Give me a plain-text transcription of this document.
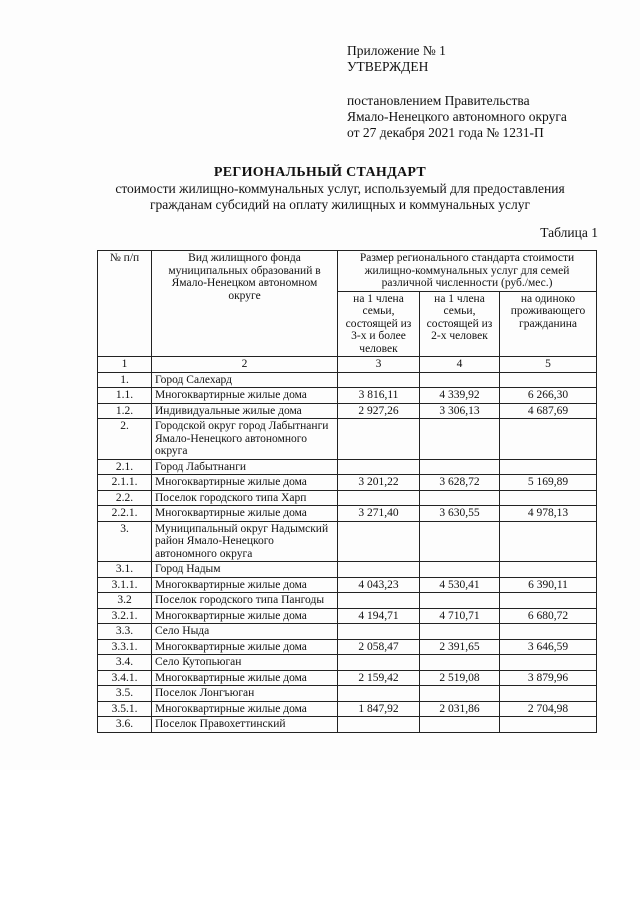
Приложение № 1
УТВЕРЖДЕН
постановлением Правительства
Ямало-Ненецкого автономного округа
от 27 декабря 2021 года № 1231-П
РЕГИОНАЛЬНЫЙ СТАНДАРТ
стоимости жилищно-коммунальных услуг, используемый для предоставления
гражданам субсидий на оплату жилищных и коммунальных услуг
Таблица 1
№ п/п	Вид жилищного фонда муниципальных образований в Ямало-Ненецком автономном округе	Размер регионального стандарта стоимости жилищно-коммунальных услуг для семей различной численности (руб./мес.)		
		на 1 члена семьи, состоящей из 3-х и более человек	на 1 члена семьи, состоящей из 2-х человек	на одиноко проживающего гражданина
1	2	3	4	5
1.	Город Салехард			
1.1.	Многоквартирные жилые дома	3 816,11	4 339,92	6 266,30
1.2.	Индивидуальные жилые дома	2 927,26	3 306,13	4 687,69
2.	Городской округ город Лабытнанги Ямало-Ненецкого автономного округа			
2.1.	Город Лабытнанги			
2.1.1.	Многоквартирные жилые дома	3 201,22	3 628,72	5 169,89
2.2.	Поселок городского типа Харп			
2.2.1.	Многоквартирные жилые дома	3 271,40	3 630,55	4 978,13
3.	Муниципальный округ Надымский район Ямало-Ненецкого автономного округа			
3.1.	Город Надым			
3.1.1.	Многоквартирные жилые дома	4 043,23	4 530,41	6 390,11
3.2	Поселок городского типа Пангоды			
3.2.1.	Многоквартирные жилые дома	4 194,71	4 710,71	6 680,72
3.3.	Село Ныда			
3.3.1.	Многоквартирные жилые дома	2 058,47	2 391,65	3 646,59
3.4.	Село Кутопьюган			
3.4.1.	Многоквартирные жилые дома	2 159,42	2 519,08	3 879,96
3.5.	Поселок Лонгъюган			
3.5.1.	Многоквартирные жилые дома	1 847,92	2 031,86	2 704,98
3.6.	Поселок Правохеттинский			
